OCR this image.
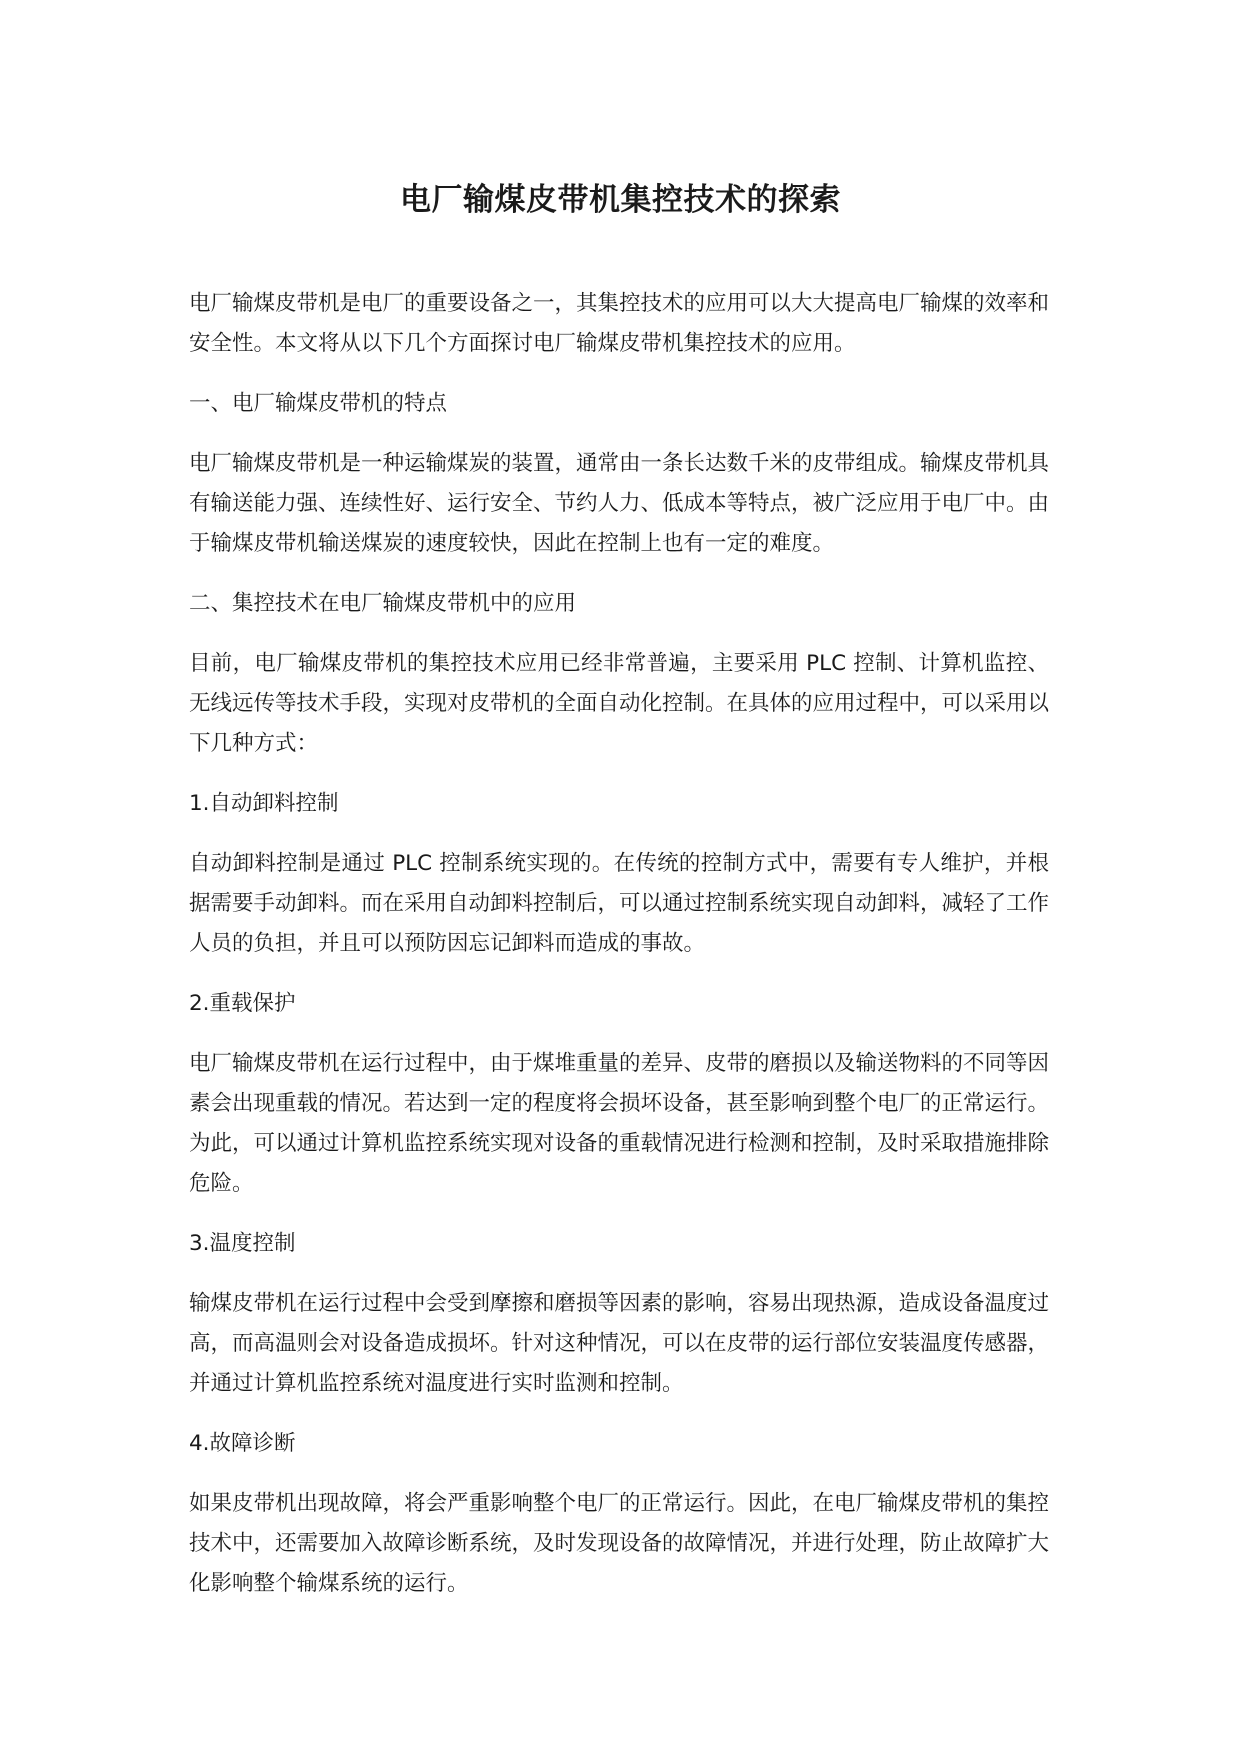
电厂输煤皮带机集控技术的探索

电厂输煤皮带机是电厂的重要设备之一，其集控技术的应用可以大大提高电厂输煤的效率和安全性。本文将从以下几个方面探讨电厂输煤皮带机集控技术的应用。

一、电厂输煤皮带机的特点

电厂输煤皮带机是一种运输煤炭的装置，通常由一条长达数千米的皮带组成。输煤皮带机具有输送能力强、连续性好、运行安全、节约人力、低成本等特点，被广泛应用于电厂中。由于输煤皮带机输送煤炭的速度较快，因此在控制上也有一定的难度。

二、集控技术在电厂输煤皮带机中的应用

目前，电厂输煤皮带机的集控技术应用已经非常普遍，主要采用 PLC 控制、计算机监控、无线远传等技术手段，实现对皮带机的全面自动化控制。在具体的应用过程中，可以采用以下几种方式：

1.自动卸料控制

自动卸料控制是通过 PLC 控制系统实现的。在传统的控制方式中，需要有专人维护，并根据需要手动卸料。而在采用自动卸料控制后，可以通过控制系统实现自动卸料，减轻了工作人员的负担，并且可以预防因忘记卸料而造成的事故。

2.重载保护

电厂输煤皮带机在运行过程中，由于煤堆重量的差异、皮带的磨损以及输送物料的不同等因素会出现重载的情况。若达到一定的程度将会损坏设备，甚至影响到整个电厂的正常运行。为此，可以通过计算机监控系统实现对设备的重载情况进行检测和控制，及时采取措施排除危险。

3.温度控制

输煤皮带机在运行过程中会受到摩擦和磨损等因素的影响，容易出现热源，造成设备温度过高，而高温则会对设备造成损坏。针对这种情况，可以在皮带的运行部位安装温度传感器，并通过计算机监控系统对温度进行实时监测和控制。

4.故障诊断

如果皮带机出现故障，将会严重影响整个电厂的正常运行。因此，在电厂输煤皮带机的集控技术中，还需要加入故障诊断系统，及时发现设备的故障情况，并进行处理，防止故障扩大化影响整个输煤系统的运行。
